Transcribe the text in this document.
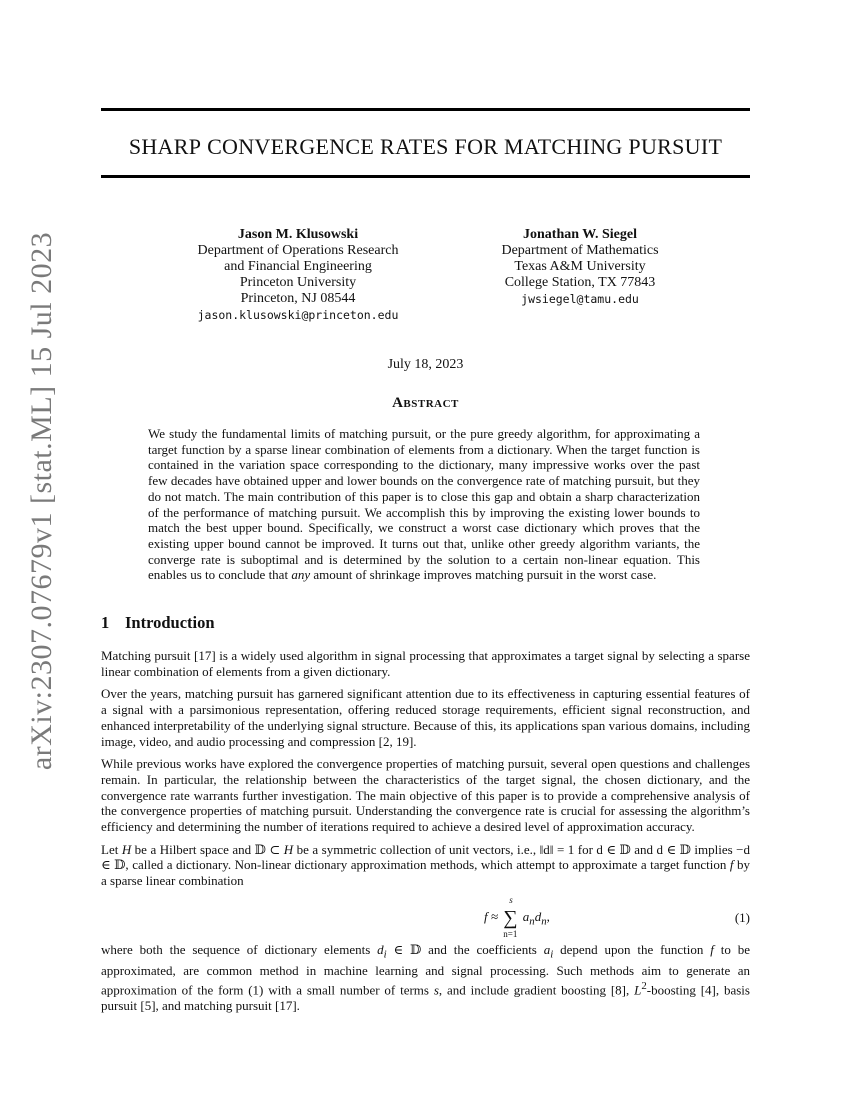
arXiv:2307.07679v1 [stat.ML] 15 Jul 2023
SHARP CONVERGENCE RATES FOR MATCHING PURSUIT
Jason M. Klusowski
Department of Operations Research
and Financial Engineering
Princeton University
Princeton, NJ 08544
jason.klusowski@princeton.edu
Jonathan W. Siegel
Department of Mathematics
Texas A&M University
College Station, TX 77843
jwsiegel@tamu.edu
July 18, 2023
Abstract
We study the fundamental limits of matching pursuit, or the pure greedy algorithm, for approximating a target function by a sparse linear combination of elements from a dictionary. When the target function is contained in the variation space corresponding to the dictionary, many impressive works over the past few decades have obtained upper and lower bounds on the convergence rate of matching pursuit, but they do not match. The main contribution of this paper is to close this gap and obtain a sharp characterization of the performance of matching pursuit. We accomplish this by improving the existing lower bounds to match the best upper bound. Specifically, we construct a worst case dictionary which proves that the existing upper bound cannot be improved. It turns out that, unlike other greedy algorithm variants, the converge rate is suboptimal and is determined by the solution to a certain non-linear equation. This enables us to conclude that any amount of shrinkage improves matching pursuit in the worst case.
1 Introduction

Matching pursuit [17] is a widely used algorithm in signal processing that approximates a target signal by selecting a sparse linear combination of elements from a given dictionary.

Over the years, matching pursuit has garnered significant attention due to its effectiveness in capturing essential features of a signal with a parsimonious representation, offering reduced storage requirements, efficient signal reconstruction, and enhanced interpretability of the underlying signal structure. Because of this, its applications span various domains, including image, video, and audio processing and compression [2, 19].

While previous works have explored the convergence properties of matching pursuit, several open questions and challenges remain. In particular, the relationship between the characteristics of the target signal, the chosen dictionary, and the convergence rate warrants further investigation. The main objective of this paper is to provide a comprehensive analysis of the convergence properties of matching pursuit. Understanding the convergence rate is crucial for assessing the algorithm’s efficiency and determining the number of iterations required to achieve a desired level of approximation accuracy.

Let H be a Hilbert space and 𝔻 ⊂ H be a symmetric collection of unit vectors, i.e., ‖d‖ = 1 for d ∈ 𝔻 and d ∈ 𝔻 implies −d ∈ 𝔻, called a dictionary. Non-linear dictionary approximation methods, which attempt to approximate a target function f by a sparse linear combination

f ≈
s
∑
n=1
$a_nd_n$,	(1)
where both the sequence of dictionary elements $d_i$ ∈ 𝔻 and the coefficients $a_i$ depend upon the function f to be approximated, are common method in machine learning and signal processing. Such methods aim to generate an approximation of the form (1) with a small number of terms s, and include gradient boosting [8], $L^2$-boosting [4], basis pursuit [5], and matching pursuit [17].
